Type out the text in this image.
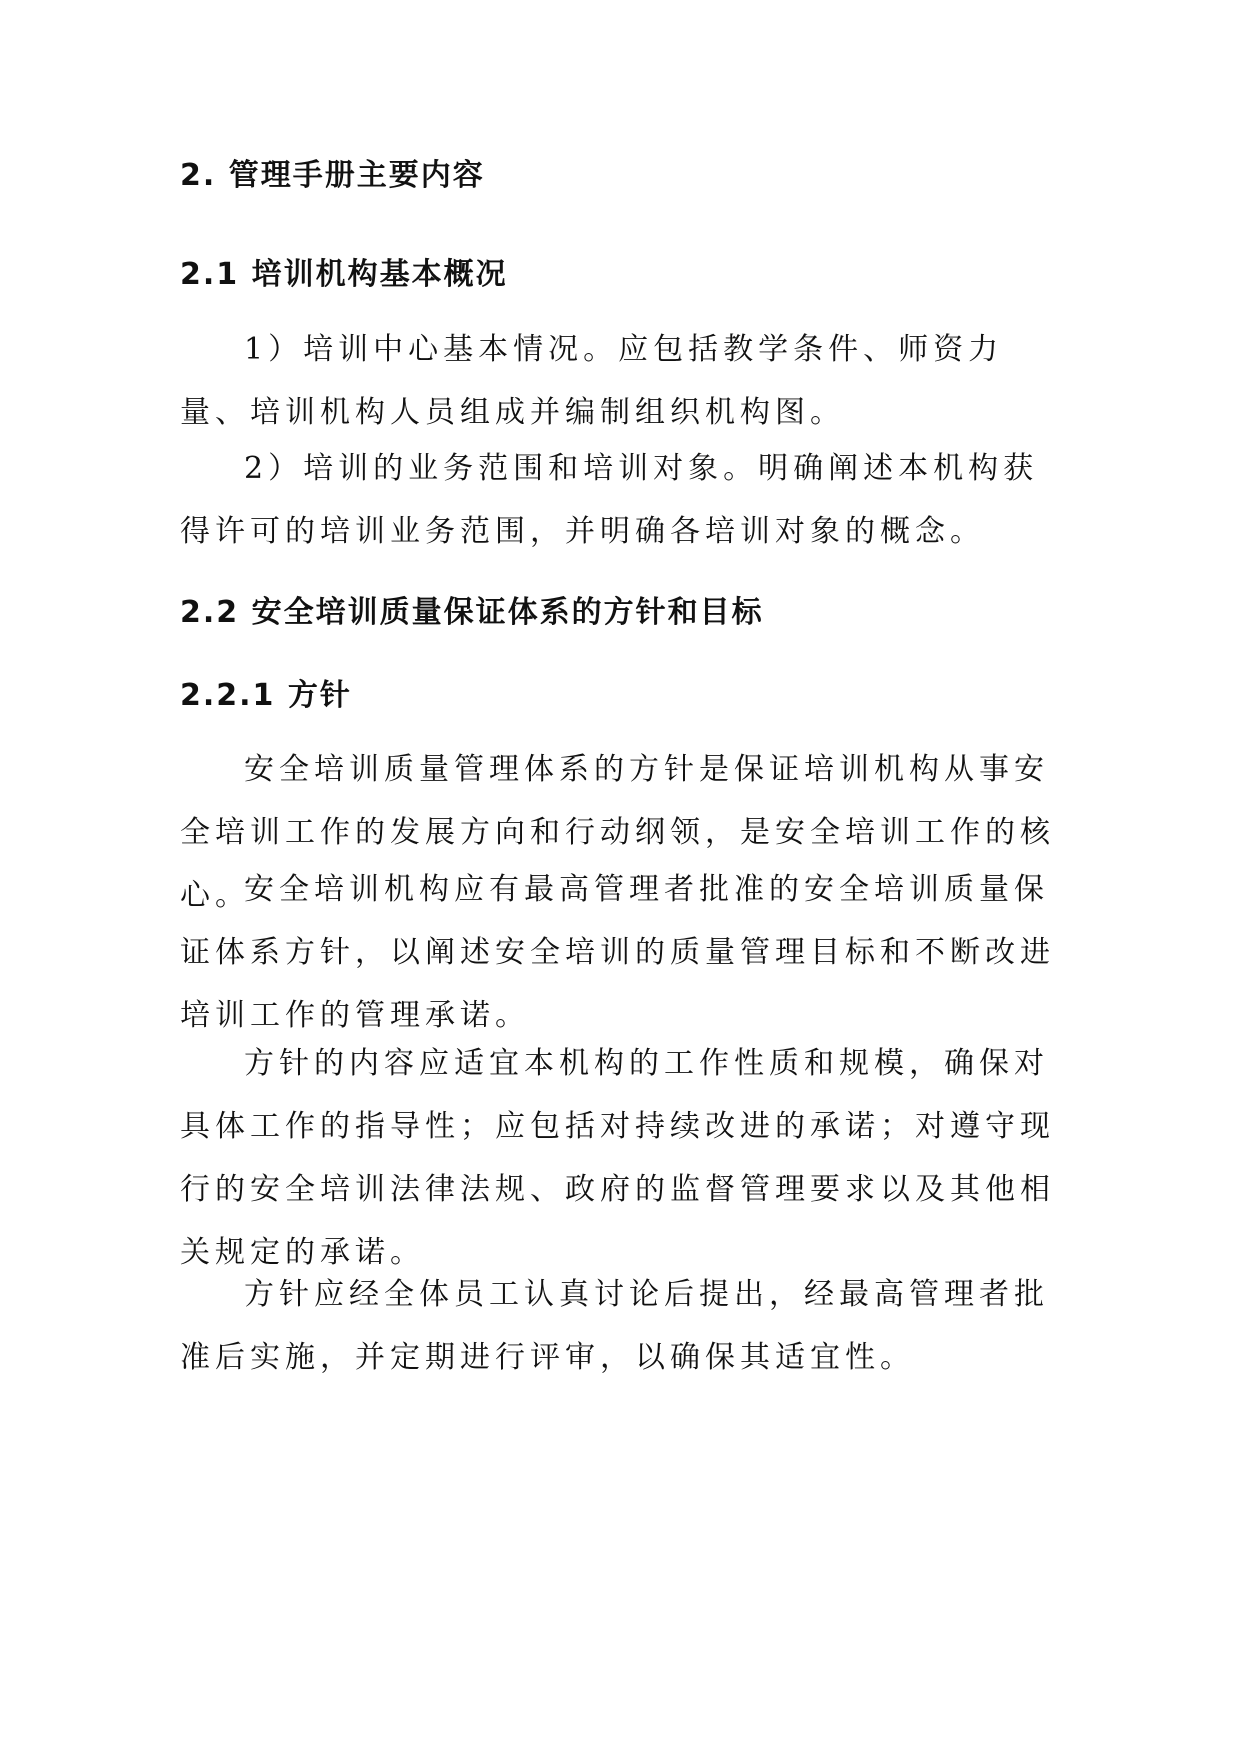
2. 管理手册主要内容
2.1 培训机构基本概况

1）培训中心基本情况。应包括教学条件、师资力量、培训机构人员组成并编制组织机构图。

2）培训的业务范围和培训对象。明确阐述本机构获得许可的培训业务范围，并明确各培训对象的概念。

2.2 安全培训质量保证体系的方针和目标
2.2.1 方针

安全培训质量管理体系的方针是保证培训机构从事安全培训工作的发展方向和行动纲领，是安全培训工作的核心。

安全培训机构应有最高管理者批准的安全培训质量保证体系方针，以阐述安全培训的质量管理目标和不断改进培训工作的管理承诺。

方针的内容应适宜本机构的工作性质和规模，确保对具体工作的指导性；应包括对持续改进的承诺；对遵守现行的安全培训法律法规、政府的监督管理要求以及其他相关规定的承诺。

方针应经全体员工认真讨论后提出，经最高管理者批准后实施，并定期进行评审，以确保其适宜性。
